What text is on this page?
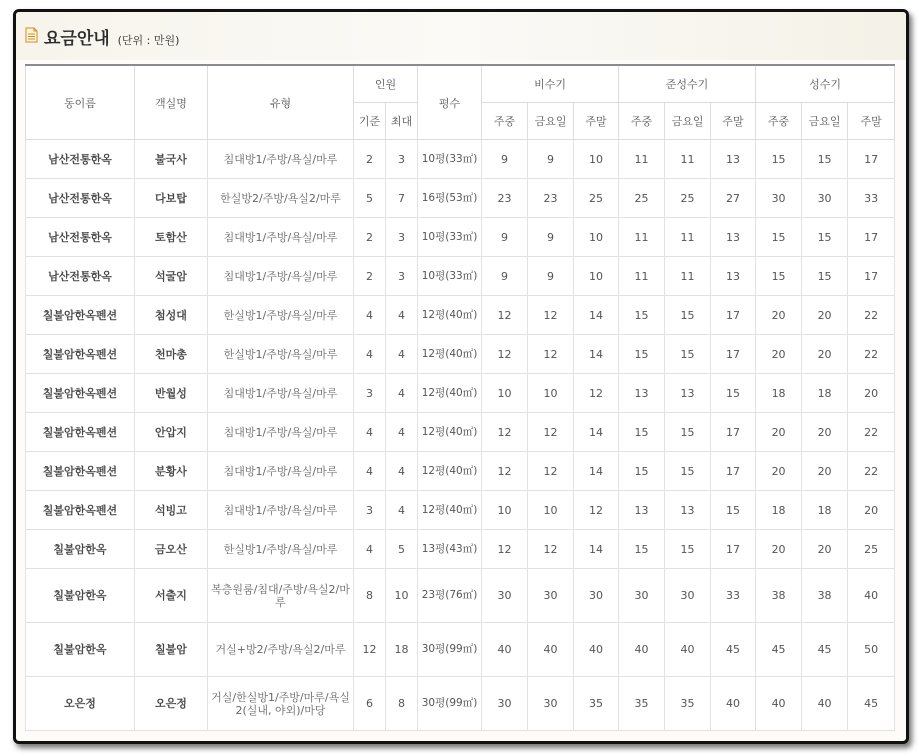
요금안내 (단위 : 만원)
동이름	객실명	유형	인원		평수	비수기			준성수기			성수기		
			기준	최대		주중	금요일	주말	주중	금요일	주말	주중	금요일	주말
남산전통한옥	불국사	침대방1/주방/욕실/마루	2	3	10평(33㎡)	9	9	10	11	11	13	15	15	17
남산전통한옥	다보탑	한실방2/주방/욕실2/마루	5	7	16평(53㎡)	23	23	25	25	25	27	30	30	33
남산전통한옥	토함산	침대방1/주방/욕실/마루	2	3	10평(33㎡)	9	9	10	11	11	13	15	15	17
남산전통한옥	석굴암	침대방1/주방/욕실/마루	2	3	10평(33㎡)	9	9	10	11	11	13	15	15	17
칠불암한옥펜션	첨성대	한실방1/주방/욕실/마루	4	4	12평(40㎡)	12	12	14	15	15	17	20	20	22
칠불암한옥펜션	천마총	한실방1/주방/욕실/마루	4	4	12평(40㎡)	12	12	14	15	15	17	20	20	22
칠불암한옥펜션	반월성	침대방1/주방/욕실/마루	3	4	12평(40㎡)	10	10	12	13	13	15	18	18	20
칠불암한옥펜션	안압지	침대방1/주방/욕실/마루	4	4	12평(40㎡)	12	12	14	15	15	17	20	20	22
칠불암한옥펜션	분황사	침대방1/주방/욕실/마루	4	4	12평(40㎡)	12	12	14	15	15	17	20	20	22
칠불암한옥펜션	석빙고	침대방1/주방/욕실/마루	3	4	12평(40㎡)	10	10	12	13	13	15	18	18	20
칠불암한옥	금오산	한실방1/주방/욕실/마루	4	5	13평(43㎡)	12	12	14	15	15	17	20	20	25
칠불암한옥	서출지	복층원룸/침대/주방/욕실2/마루	8	10	23평(76㎡)	30	30	30	30	30	33	38	38	40
칠불암한옥	칠불암	거실+방2/주방/욕실2/마루	12	18	30평(99㎡)	40	40	40	40	40	45	45	45	50
오은정	오은정	거실/한실방1/주방/마루/욕실2(실내, 야외)/마당	6	8	30평(99㎡)	30	30	35	35	35	40	40	40	45
